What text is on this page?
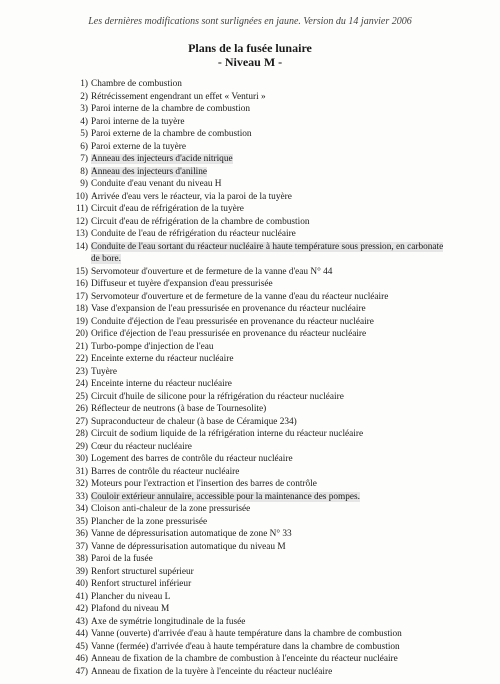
Les dernières modifications sont surlignées en jaune. Version du 14 janvier 2006
Plans de la fusée lunaire
- Niveau M -
1) Chambre de combustion
2) Rétrécissement engendrant un effet « Venturi »
3) Paroi interne de la chambre de combustion
4) Paroi interne de la tuyère
5) Paroi externe de la chambre de combustion
6) Paroi externe de la tuyère
7) Anneau des injecteurs d'acide nitrique
8) Anneau des injecteurs d'aniline
9) Conduite d'eau venant du niveau H
10) Arrivée d'eau vers le réacteur, via la paroi de la tuyère
11) Circuit d'eau de réfrigération de la tuyère
12) Circuit d'eau de réfrigération de la chambre de combustion
13) Conduite de l'eau de réfrigération du réacteur nucléaire
14) Conduite de l'eau sortant du réacteur nucléaire à haute température sous pression, en carbonate de bore.
15) Servomoteur d'ouverture et de fermeture de la vanne d'eau N° 44
16) Diffuseur et tuyère d'expansion d'eau pressurisée
17) Servomoteur d'ouverture et de fermeture de la vanne d'eau du réacteur nucléaire
18) Vase d'expansion de l'eau pressurisée en provenance du réacteur nucléaire
19) Conduite d'éjection de l'eau pressurisée en provenance du réacteur nucléaire
20) Orifice d'éjection de l'eau pressurisée en provenance du réacteur nucléaire
21) Turbo-pompe d'injection de l'eau
22) Enceinte externe du réacteur nucléaire
23) Tuyère
24) Enceinte interne du réacteur nucléaire
25) Circuit d'huile de silicone pour la réfrigération du réacteur nucléaire
26) Réflecteur de neutrons (à base de Tournesolite)
27) Supraconducteur de chaleur (à base de Céramique 234)
28) Circuit de sodium liquide de la réfrigération interne du réacteur nucléaire
29) Cœur du réacteur nucléaire
30) Logement des barres de contrôle du réacteur nucléaire
31) Barres de contrôle du réacteur nucléaire
32) Moteurs pour l'extraction et l'insertion des barres de contrôle
33) Couloir extérieur annulaire, accessible pour la maintenance des pompes.
34) Cloison anti-chaleur de la zone pressurisée
35) Plancher de la zone pressurisée
36) Vanne de dépressurisation automatique de zone N° 33
37) Vanne de dépressurisation automatique du niveau M
38) Paroi de la fusée
39) Renfort structurel supérieur
40) Renfort structurel inférieur
41) Plancher du niveau L
42) Plafond du niveau M
43) Axe de symétrie longitudinale de la fusée
44) Vanne (ouverte) d'arrivée d'eau à haute température dans la chambre de combustion
45) Vanne (fermée) d'arrivée d'eau à haute température dans la chambre de combustion
46) Anneau de fixation de la chambre de combustion à l'enceinte du réacteur nucléaire
47) Anneau de fixation de la tuyère à l'enceinte du réacteur nucléaire
